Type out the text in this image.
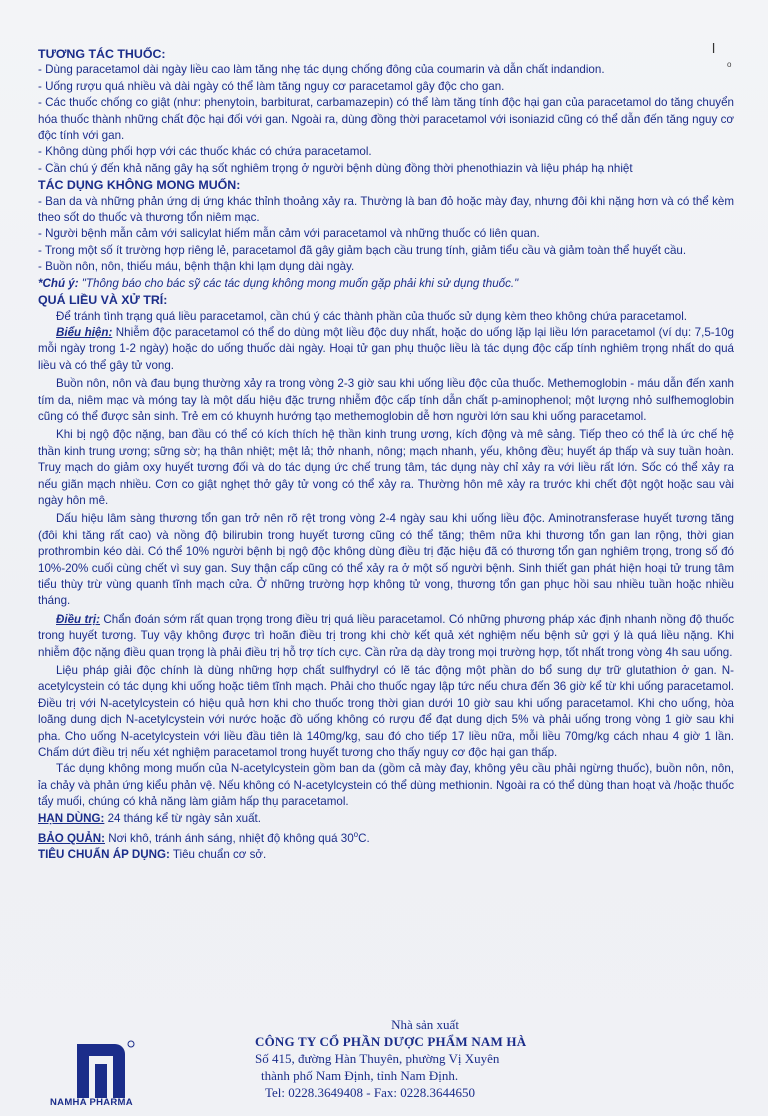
l
o

TƯƠNG TÁC THUỐC:

- Dùng paracetamol dài ngày liều cao làm tăng nhẹ tác dụng chống đông của coumarin và dẫn chất indandion.

- Uống rượu quá nhiều và dài ngày có thể làm tăng nguy cơ paracetamol gây độc cho gan.

- Các thuốc chống co giật (như: phenytoin, barbiturat, carbamazepin) có thể làm tăng tính độc hại gan của paracetamol do tăng chuyển hóa thuốc thành những chất độc hại đối với gan. Ngoài ra, dùng đồng thời paracetamol với isoniazid cũng có thể dẫn đến tăng nguy cơ độc tính với gan.

- Không dùng phối hợp với các thuốc khác có chứa paracetamol.

- Cần chú ý đến khả năng gây hạ sốt nghiêm trọng ở người bệnh dùng đồng thời phenothiazin và liệu pháp hạ nhiệt

TÁC DỤNG KHÔNG MONG MUỐN:

- Ban da và những phản ứng dị ứng khác thỉnh thoảng xảy ra. Thường là ban đỏ hoặc mày đay, nhưng đôi khi nặng hơn và có thể kèm theo sốt do thuốc và thương tổn niêm mạc.

- Người bệnh mẫn cảm với salicylat hiếm mẫn cảm với paracetamol và những thuốc có liên quan.

- Trong một số ít trường hợp riêng lẻ, paracetamol đã gây giảm bạch cầu trung tính, giảm tiểu cầu và giảm toàn thể huyết cầu.

- Buồn nôn, nôn, thiếu máu, bệnh thận khi lạm dụng dài ngày.

*Chú ý: "Thông báo cho bác sỹ các tác dụng không mong muốn gặp phải khi sử dụng thuốc."

QUÁ LIỀU VÀ XỬ TRÍ:

Để tránh tình trạng quá liều paracetamol, cần chú ý các thành phần của thuốc sử dụng kèm theo không chứa paracetamol.

Biểu hiện: Nhiễm độc paracetamol có thể do dùng một liều độc duy nhất, hoặc do uống lặp lại liều lớn paracetamol (ví dụ: 7,5-10g mỗi ngày trong 1-2 ngày) hoặc do uống thuốc dài ngày. Hoại tử gan phụ thuộc liều là tác dụng độc cấp tính nghiêm trọng nhất do quá liều và có thể gây tử vong.

Buồn nôn, nôn và đau bụng thường xảy ra trong vòng 2-3 giờ sau khi uống liều độc của thuốc. Methemoglobin - máu dẫn đến xanh tím da, niêm mạc và móng tay là một dấu hiệu đặc trưng nhiễm độc cấp tính dẫn chất p-aminophenol; một lượng nhỏ sulfhemoglobin cũng có thể được sản sinh. Trẻ em có khuynh hướng tạo methemoglobin dễ hơn người lớn sau khi uống paracetamol.

Khi bị ngộ độc nặng, ban đầu có thể có kích thích hệ thần kinh trung ương, kích động và mê sảng. Tiếp theo có thể là ức chế hệ thần kinh trung ương; sững sờ; hạ thân nhiệt; mệt lả; thở nhanh, nông; mạch nhanh, yếu, không đều; huyết áp thấp và suy tuần hoàn. Truỵ mạch do giảm oxy huyết tương đối và do tác dụng ức chế trung tâm, tác dụng này chỉ xảy ra với liều rất lớn. Sốc có thể xảy ra nếu giãn mạch nhiều. Cơn co giật nghẹt thở gây tử vong có thể xảy ra. Thường hôn mê xảy ra trước khi chết đột ngột hoặc sau vài ngày hôn mê.

Dấu hiệu lâm sàng thương tổn gan trở nên rõ rệt trong vòng 2-4 ngày sau khi uống liều độc. Aminotransferase huyết tương tăng (đôi khi tăng rất cao) và nồng độ bilirubin trong huyết tương cũng có thể tăng; thêm nữa khi thương tổn gan lan rộng, thời gian prothrombin kéo dài. Có thể 10% người bệnh bị ngộ độc không dùng điều trị đặc hiệu đã có thương tổn gan nghiêm trọng, trong số đó 10%-20% cuối cùng chết vì suy gan. Suy thận cấp cũng có thể xảy ra ở một số người bệnh. Sinh thiết gan phát hiện hoại tử trung tâm tiểu thùy trừ vùng quanh tĩnh mạch cửa. Ở những trường hợp không tử vong, thương tổn gan phục hồi sau nhiều tuần hoặc nhiều tháng.

Điều trị: Chẩn đoán sớm rất quan trọng trong điều trị quá liều paracetamol. Có những phương pháp xác định nhanh nồng độ thuốc trong huyết tương. Tuy vậy không được trì hoãn điều trị trong khi chờ kết quả xét nghiệm nếu bệnh sử gợi ý là quá liều nặng. Khi nhiễm độc nặng điều quan trọng là phải điều trị hỗ trợ tích cực. Cần rửa dạ dày trong mọi trường hợp, tốt nhất trong vòng 4h sau uống.

Liệu pháp giải độc chính là dùng những hợp chất sulfhydryl có lẽ tác động một phần do bổ sung dự trữ glutathion ở gan. N-acetylcystein có tác dụng khi uống hoặc tiêm tĩnh mạch. Phải cho thuốc ngay lập tức nếu chưa đến 36 giờ kể từ khi uống paracetamol. Điều trị với N-acetylcystein có hiệu quả hơn khi cho thuốc trong thời gian dưới 10 giờ sau khi uống paracetamol. Khi cho uống, hòa loãng dung dịch N-acetylcystein với nước hoặc đồ uống không có rượu để đạt dung dịch 5% và phải uống trong vòng 1 giờ sau khi pha. Cho uống N-acetylcystein với liều đầu tiên là 140mg/kg, sau đó cho tiếp 17 liều nữa, mỗi liều 70mg/kg cách nhau 4 giờ 1 lần. Chấm dứt điều trị nếu xét nghiệm paracetamol trong huyết tương cho thấy nguy cơ độc hại gan thấp.

Tác dụng không mong muốn của N-acetylcystein gồm ban da (gồm cả mày đay, không yêu cầu phải ngừng thuốc), buồn nôn, nôn, ỉa chảy và phản ứng kiểu phản vệ. Nếu không có N-acetylcystein có thể dùng methionin. Ngoài ra có thể dùng than hoạt và /hoặc thuốc tẩy muối, chúng có khả năng làm giảm hấp thụ paracetamol.

HẠN DÙNG: 24 tháng kể từ ngày sản xuất.

BẢO QUẢN: Nơi khô, tránh ánh sáng, nhiệt độ không quá 30$^o$C.

TIÊU CHUẨN ÁP DỤNG: Tiêu chuẩn cơ sở.

NAMHA PHARMA
Nhà sản xuất
CÔNG TY CỔ PHẦN DƯỢC PHẨM NAM HÀ
Số 415, đường Hàn Thuyên, phường Vị Xuyên
thành phố Nam Định, tỉnh Nam Định.
Tel: 0228.3649408 - Fax: 0228.3644650
